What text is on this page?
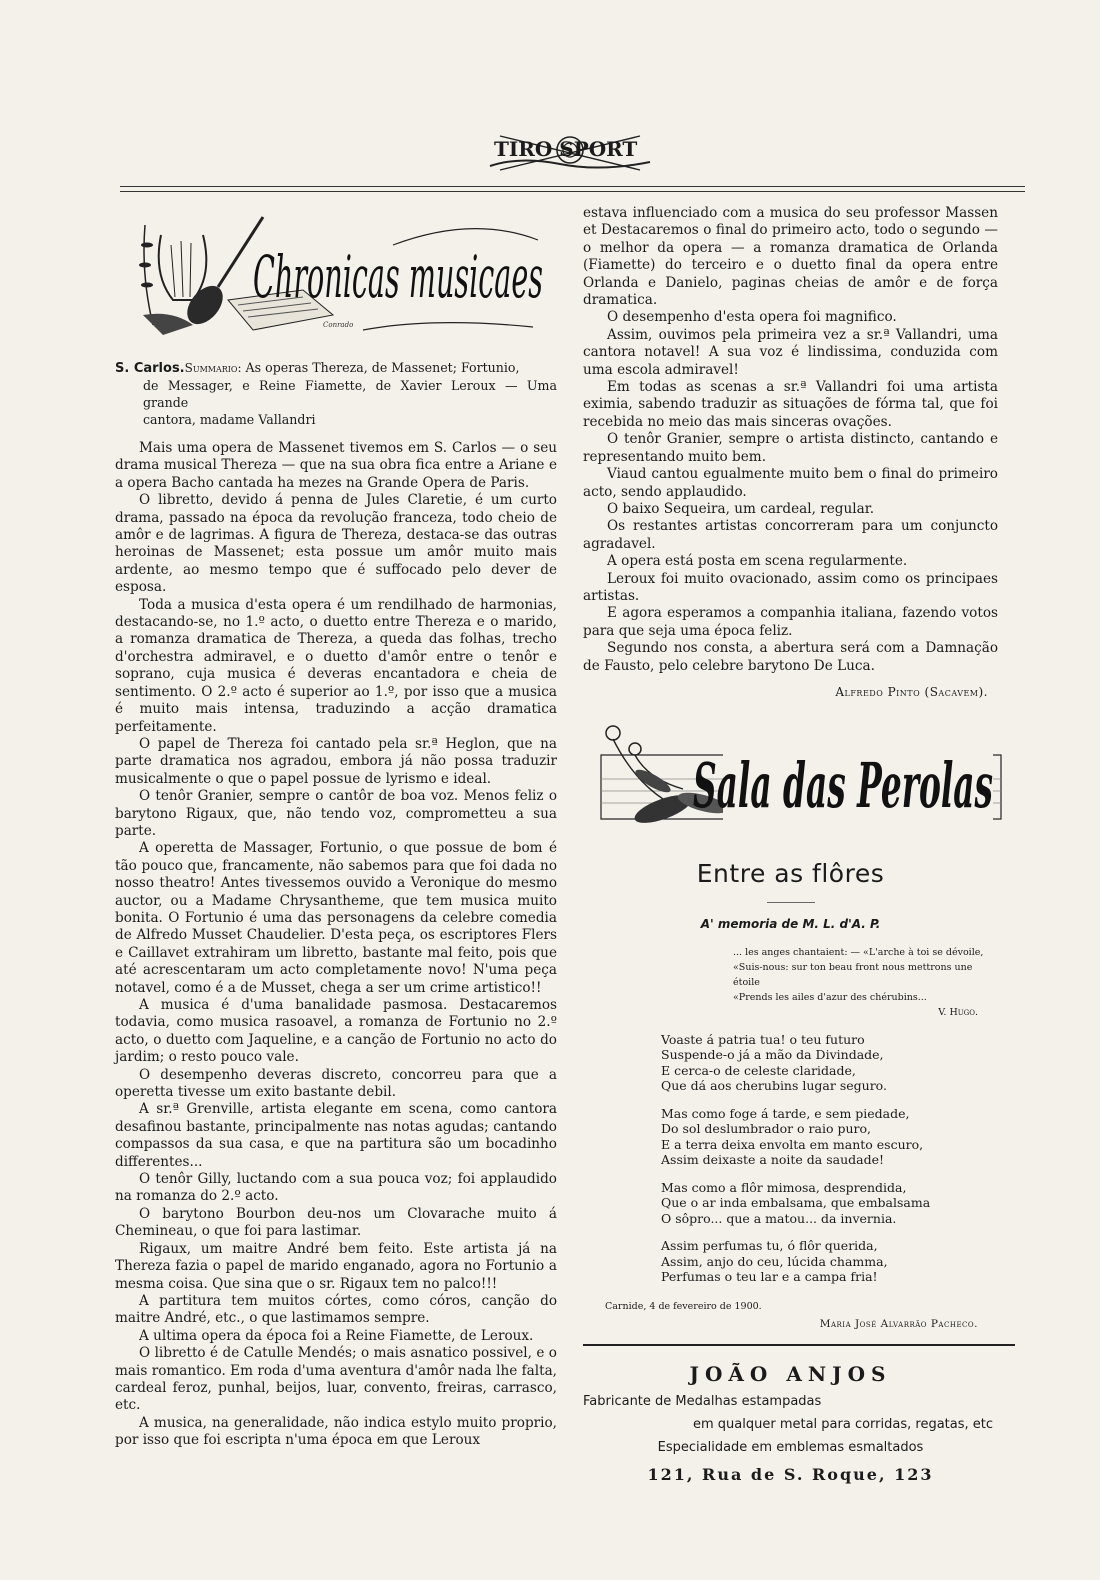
TIRO SPORT
Chronicas musicaes
Conrado
S. Carlos.Summario: As operas Thereza, de Massenet; Fortunio,
de Messager, e Reine Fiamette, de Xavier Leroux — Uma grande
cantora, madame Vallandri

Mais uma opera de Massenet tivemos em S. Carlos — o seu drama musical Thereza — que na sua obra fica entre a Ariane e a opera Bacho cantada ha mezes na Grande Opera de Paris.

O libretto, devido á penna de Jules Claretie, é um curto drama, passado na época da revolução franceza, todo cheio de amôr e de lagrimas. A figura de Thereza, destaca-se das outras heroinas de Massenet; esta possue um amôr muito mais ardente, ao mesmo tempo que é suffocado pelo dever de esposa.

Toda a musica d'esta opera é um rendilhado de harmonias, destacando-se, no 1.º acto, o duetto entre Thereza e o marido, a romanza dramatica de Thereza, a queda das folhas, trecho d'orchestra admiravel, e o duetto d'amôr entre o tenôr e soprano, cuja musica é deveras encantadora e cheia de sentimento. O 2.º acto é superior ao 1.º, por isso que a musica é muito mais intensa, traduzindo a acção dramatica perfeitamente.

O papel de Thereza foi cantado pela sr.ª Heglon, que na parte dramatica nos agradou, embora já não possa traduzir musicalmente o que o papel possue de lyrismo e ideal.

O tenôr Granier, sempre o cantôr de boa voz. Menos feliz o barytono Rigaux, que, não tendo voz, comprometteu a sua parte.

A operetta de Massager, Fortunio, o que possue de bom é tão pouco que, francamente, não sabemos para que foi dada no nosso theatro! Antes tivessemos ouvido a Veronique do mesmo auctor, ou a Madame Chrysantheme, que tem musica muito bonita. O Fortunio é uma das personagens da celebre comedia de Alfredo Musset Chaudelier. D'esta peça, os escriptores Flers e Caillavet extrahiram um libretto, bastante mal feito, pois que até acrescentaram um acto completamente novo! N'uma peça notavel, como é a de Musset, chega a ser um crime artistico!!

A musica é d'uma banalidade pasmosa. Destacaremos todavia, como musica rasoavel, a romanza de Fortunio no 2.º acto, o duetto com Jaqueline, e a canção de Fortunio no acto do jardim; o resto pouco vale.

O desempenho deveras discreto, concorreu para que a operetta tivesse um exito bastante debil.

A sr.ª Grenville, artista elegante em scena, como cantora desafinou bastante, principalmente nas notas agudas; cantando compassos da sua casa, e que na partitura são um bocadinho differentes...

O tenôr Gilly, luctando com a sua pouca voz; foi applaudido na romanza do 2.º acto.

O barytono Bourbon deu-nos um Clovarache muito á Chemineau, o que foi para lastimar.

Rigaux, um maitre André bem feito. Este artista já na Thereza fazia o papel de marido enganado, agora no Fortunio a mesma coisa. Que sina que o sr. Rigaux tem no palco!!!

A partitura tem muitos córtes, como córos, canção do maitre André, etc., o que lastimamos sempre.

A ultima opera da época foi a Reine Fiamette, de Leroux.

O libretto é de Catulle Mendés; o mais asnatico possivel, e o mais romantico. Em roda d'uma aventura d'amôr nada lhe falta, cardeal feroz, punhal, beijos, luar, convento, freiras, carrasco, etc.

A musica, na generalidade, não indica estylo muito proprio, por isso que foi escripta n'uma época em que Leroux

estava influenciado com a musica do seu professor Massen et Destacaremos o final do primeiro acto, todo o segundo — o melhor da opera — a romanza dramatica de Orlanda (Fiamette) do terceiro e o duetto final da opera entre Orlanda e Danielo, paginas cheias de amôr e de força dramatica.

O desempenho d'esta opera foi magnifico.

Assim, ouvimos pela primeira vez a sr.ª Vallandri, uma cantora notavel! A sua voz é lindissima, conduzida com uma escola admiravel!

Em todas as scenas a sr.ª Vallandri foi uma artista eximia, sabendo traduzir as situações de fórma tal, que foi recebida no meio das mais sinceras ovações.

O tenôr Granier, sempre o artista distincto, cantando e representando muito bem.

Viaud cantou egualmente muito bem o final do primeiro acto, sendo applaudido.

O baixo Sequeira, um cardeal, regular.

Os restantes artistas concorreram para um conjuncto agradavel.

A opera está posta em scena regularmente.

Leroux foi muito ovacionado, assim como os principaes artistas.

E agora esperamos a companhia italiana, fazendo votos para que seja uma época feliz.

Segundo nos consta, a abertura será com a Damnação de Fausto, pelo celebre barytono De Luca.

Alfredo Pinto (Sacavem).
Sala das Perolas
Entre as flôres
A' memoria de M. L. d'A. P.
... les anges chantaient: — «L'arche à toi se dévoile,
«Suis-nous: sur ton beau front nous mettrons une étoile
«Prends les ailes d'azur des chérubins...
V. Hugo.
Voaste á patria tua! o teu futuro
Suspende-o já a mão da Divindade,
E cerca-o de celeste claridade,
Que dá aos cherubins lugar seguro.
Mas como foge á tarde, e sem piedade,
Do sol deslumbrador o raio puro,
E a terra deixa envolta em manto escuro,
Assim deixaste a noite da saudade!
Mas como a flôr mimosa, desprendida,
Que o ar inda embalsama, que embalsama
O sôpro... que a matou... da invernia.
Assim perfumas tu, ó flôr querida,
Assim, anjo do ceu, lúcida chamma,
Perfumas o teu lar e a campa fria!
Carnide, 4 de fevereiro de 1900.
Maria José Alvarrão Pacheco.
JOÃO ANJOS
Fabricante de Medalhas estampadas
em qualquer metal para corridas, regatas, etc
Especialidade em emblemas esmaltados
121, Rua de S. Roque, 123
